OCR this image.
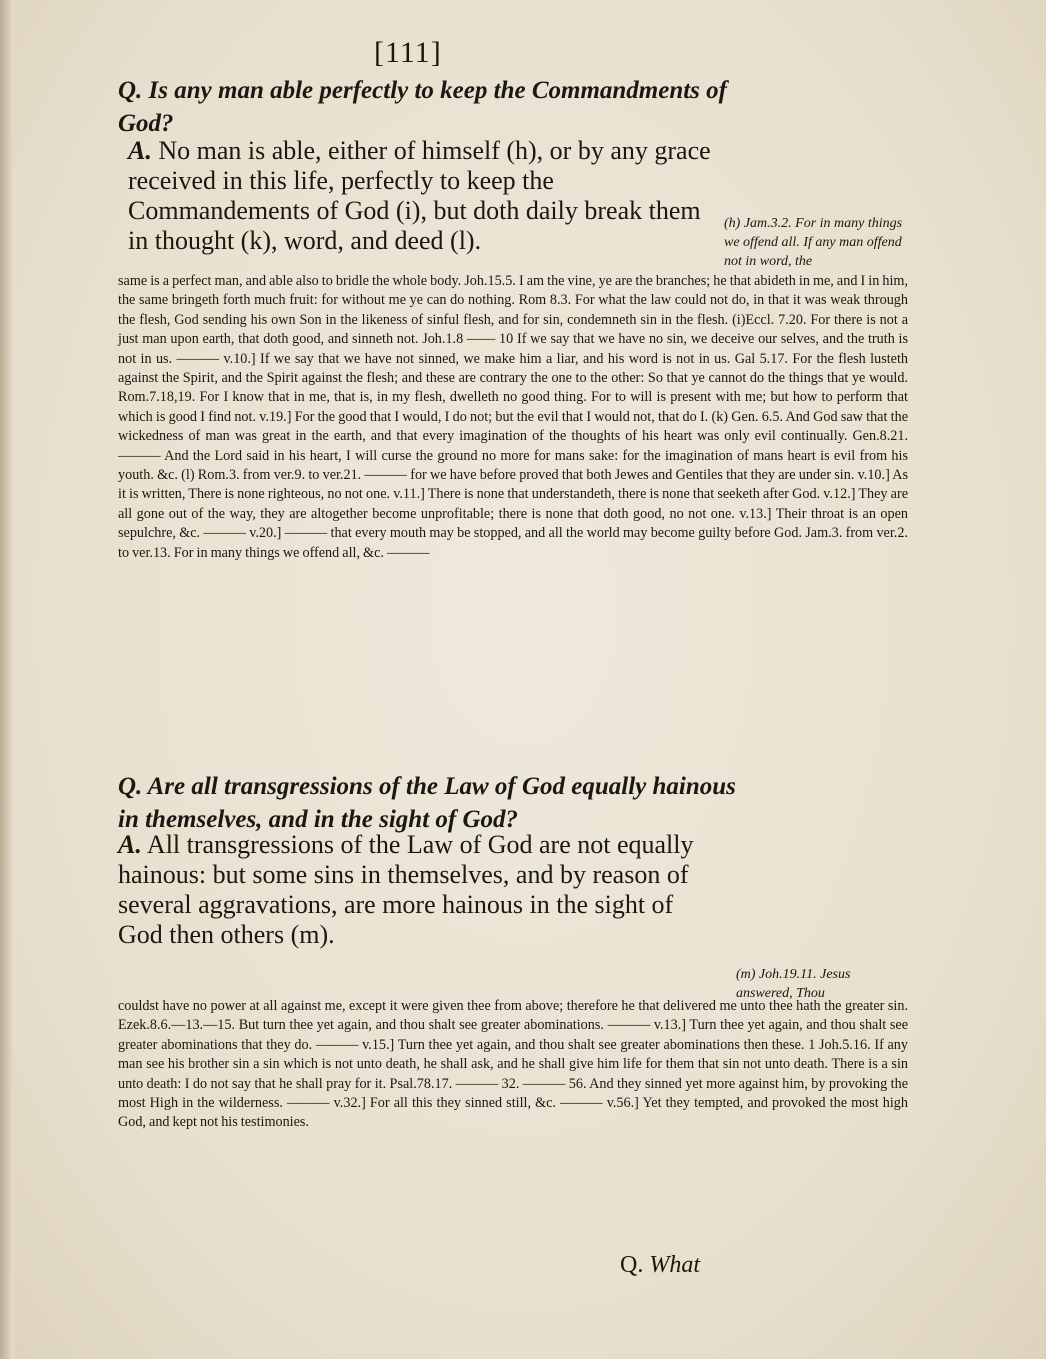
[111]
Q. Is any man able perfectly to keep the Commandments of God?
A. No man is able, either of himself (h), or by any grace received in this life, perfectly to keep the Commandements of God (i), but doth daily break them in thought (k), word, and deed (l).
(h) Jam.3.2. For in many things we offend all. If any man offend not in word, the
same is a perfect man, and able also to bridle the whole body. Joh.15.5. I am the vine, ye are the branches; he that abideth in me, and I in him, the same bringeth forth much fruit: for without me ye can do nothing. Rom 8.3. For what the law could not do, in that it was weak through the flesh, God sending his own Son in the likeness of sinful flesh, and for sin, condemneth sin in the flesh. (i)Eccl. 7.20. For there is not a just man upon earth, that doth good, and sinneth not. Joh.1.8 —— 10 If we say that we have no sin, we deceive our selves, and the truth is not in us. ——— v.10.] If we say that we have not sinned, we make him a liar, and his word is not in us. Gal 5.17. For the flesh lusteth against the Spirit, and the Spirit against the flesh; and these are contrary the one to the other: So that ye cannot do the things that ye would. Rom.7.18,19. For I know that in me, that is, in my flesh, dwelleth no good thing. For to will is present with me; but how to perform that which is good I find not. v.19.] For the good that I would, I do not; but the evil that I would not, that do I. (k) Gen. 6.5. And God saw that the wickedness of man was great in the earth, and that every imagination of the thoughts of his heart was only evil continually. Gen.8.21. ——— And the Lord said in his heart, I will curse the ground no more for mans sake: for the imagination of mans heart is evil from his youth. &c. (l) Rom.3. from ver.9. to ver.21. ——— for we have before proved that both Jewes and Gentiles that they are under sin. v.10.] As it is written, There is none righteous, no not one. v.11.] There is none that understandeth, there is none that seeketh after God. v.12.] They are all gone out of the way, they are altogether become unprofitable; there is none that doth good, no not one. v.13.] Their throat is an open sepulchre, &c. ——— v.20.] ——— that every mouth may be stopped, and all the world may become guilty before God. Jam.3. from ver.2. to ver.13. For in many things we offend all, &c. ———
Q. Are all transgressions of the Law of God equally hainous in themselves, and in the sight of God?
A. All transgressions of the Law of God are not equally hainous: but some sins in themselves, and by reason of several aggravations, are more hainous in the sight of God then others (m).
(m) Joh.19.11. Jesus answered, Thou
couldst have no power at all against me, except it were given thee from above; therefore he that delivered me unto thee hath the greater sin. Ezek.8.6.—13.—15. But turn thee yet again, and thou shalt see greater abominations. ——— v.13.] Turn thee yet again, and thou shalt see greater abominations that they do. ——— v.15.] Turn thee yet again, and thou shalt see greater abominations then these. 1 Joh.5.16. If any man see his brother sin a sin which is not unto death, he shall ask, and he shall give him life for them that sin not unto death. There is a sin unto death: I do not say that he shall pray for it. Psal.78.17. ——— 32. ——— 56. And they sinned yet more against him, by provoking the most High in the wilderness. ——— v.32.] For all this they sinned still, &c. ——— v.56.] Yet they tempted, and provoked the most high God, and kept not his testimonies.
Q. What
